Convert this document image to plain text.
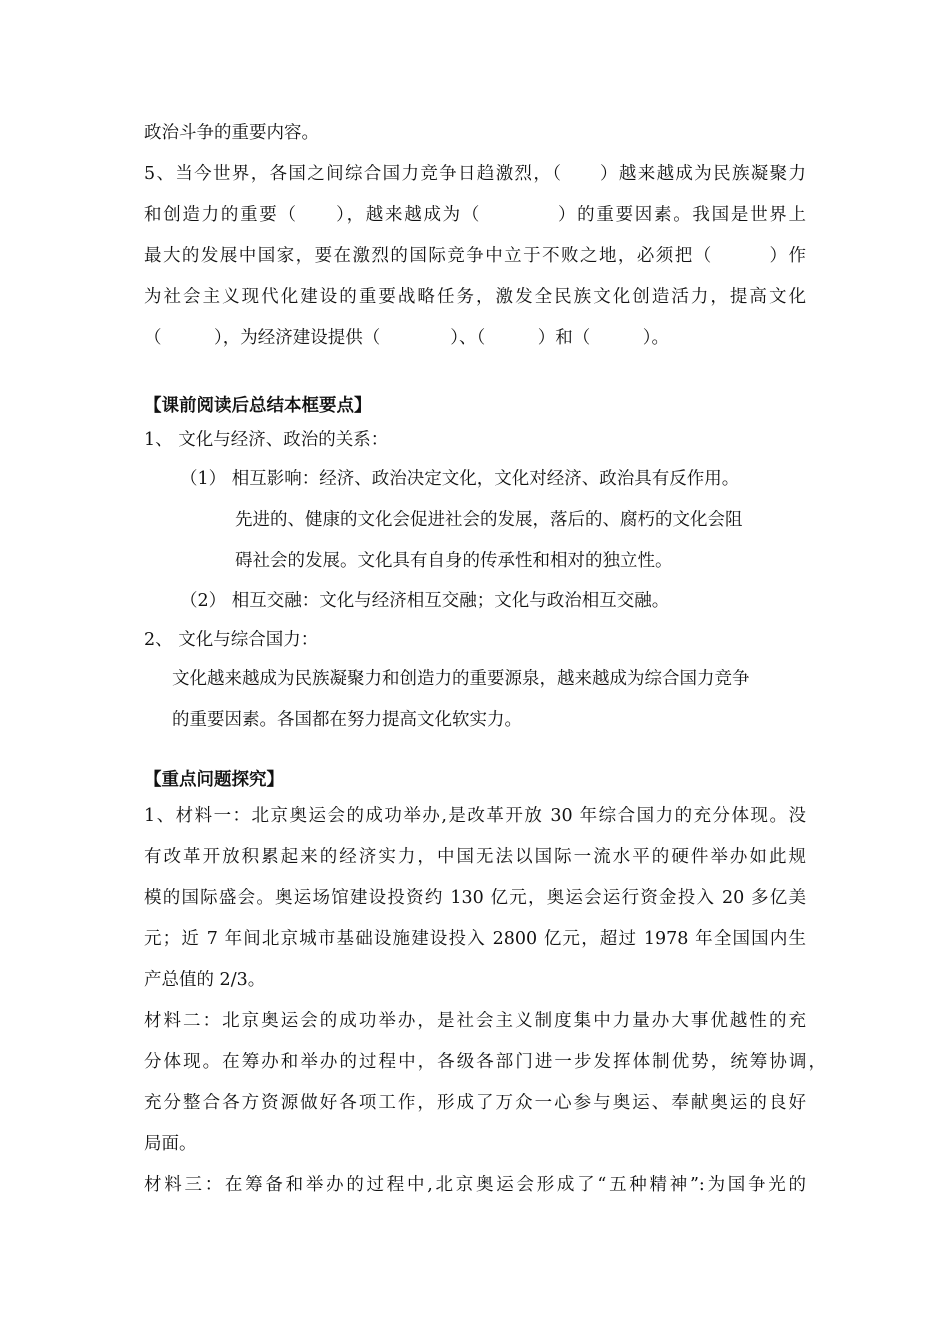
政治斗争的重要内容。
5、当今世界，各国之间综合国力竞争日趋激烈，（　　）越来越成为民族凝聚力
和创造力的重要（　　），越来越成为（　　　　）的重要因素。我国是世界上
最大的发展中国家，要在激烈的国际竞争中立于不败之地，必须把（　　　）作
为社会主义现代化建设的重要战略任务，激发全民族文化创造活力，提高文化
（　　　），为经济建设提供（　　　　）、（　　　）和（　　　）。
【课前阅读后总结本框要点】
1、 文化与经济、政治的关系：
（1） 相互影响：经济、政治决定文化，文化对经济、政治具有反作用。
先进的、健康的文化会促进社会的发展，落后的、腐朽的文化会阻
碍社会的发展。文化具有自身的传承性和相对的独立性。
（2） 相互交融：文化与经济相互交融；文化与政治相互交融。
2、 文化与综合国力：
文化越来越成为民族凝聚力和创造力的重要源泉，越来越成为综合国力竞争
的重要因素。各国都在努力提高文化软实力。
【重点问题探究】
1、材料一：北京奥运会的成功举办,是改革开放 30 年综合国力的充分体现。没
有改革开放积累起来的经济实力，中国无法以国际一流水平的硬件举办如此规
模的国际盛会。奥运场馆建设投资约 130 亿元，奥运会运行资金投入 20 多亿美
元；近 7 年间北京城市基础设施建设投入 2800 亿元，超过 1978 年全国国内生
产总值的 2/3。
材料二：北京奥运会的成功举办，是社会主义制度集中力量办大事优越性的充
分体现。在筹办和举办的过程中，各级各部门进一步发挥体制优势，统筹协调，
充分整合各方资源做好各项工作，形成了万众一心参与奥运、奉献奥运的良好
局面。
材料三：在筹备和举办的过程中,北京奥运会形成了“五种精神”:为国争光的
